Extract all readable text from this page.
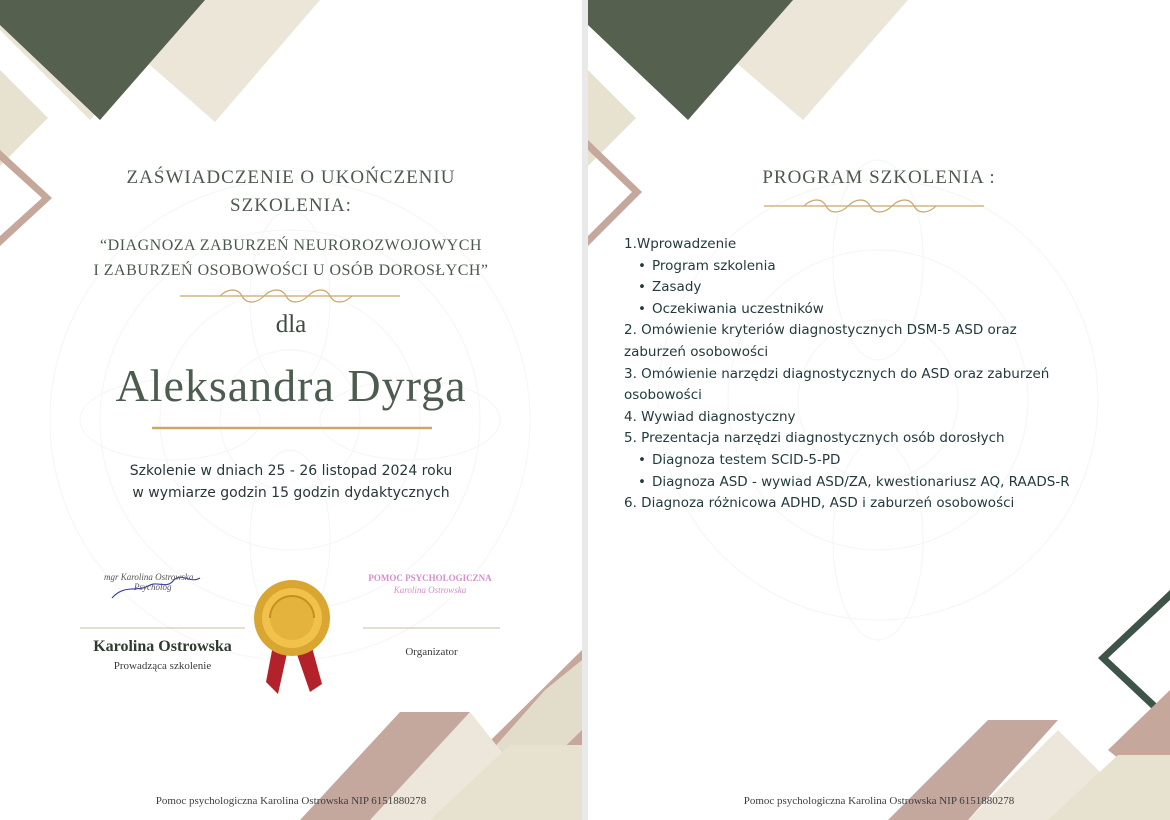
ZAŚWIADCZENIE O UKOŃCZENIU
SZKOLENIA:
“DIAGNOZA ZABURZEŃ NEUROROZWOJOWYCH
I ZABURZEŃ OSOBOWOŚCI U OSÓB DOROSŁYCH”
dla
Aleksandra Dyrga
Szkolenie w dniach 25 - 26 listopad 2024 roku
w wymiarze godzin 15 godzin dydaktycznych
mgr Karolina Ostrowska
Psycholog
Karolina Ostrowska
Prowadząca szkolenie
POMOC PSYCHOLOGICZNA
Karolina Ostrowska
Organizator
Pomoc psychologiczna Karolina Ostrowska NIP 6151880278
PROGRAM SZKOLENIA :
1.Wprowadzenie
• Program szkolenia
• Zasady
• Oczekiwania uczestników
2. Omówienie kryteriów diagnostycznych DSM-5 ASD oraz
zaburzeń osobowości
3. Omówienie narzędzi diagnostycznych do ASD oraz zaburzeń
osobowości
4. Wywiad diagnostyczny
5. Prezentacja narzędzi diagnostycznych osób dorosłych
• Diagnoza testem SCID-5-PD
• Diagnoza ASD - wywiad ASD/ZA, kwestionariusz AQ, RAADS-R
6. Diagnoza różnicowa ADHD, ASD i zaburzeń osobowości
Pomoc psychologiczna Karolina Ostrowska NIP 6151880278
